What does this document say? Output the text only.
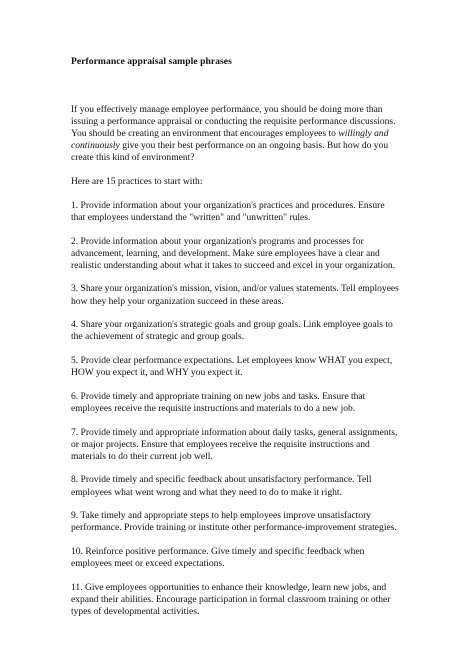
Performance appraisal sample phrases

If you effectively manage employee performance, you should be doing more than
issuing a performance appraisal or conducting the requisite performance discussions.
You should be creating an environment that encourages employees to willingly and
continuously give you their best performance on an ongoing basis. But how do you
create this kind of environment?

Here are 15 practices to start with:

1. Provide information about your organization's practices and procedures. Ensure
that employees understand the "written" and "unwritten" rules.

2. Provide information about your organization's programs and processes for
advancement, learning, and development. Make sure employees have a clear and
realistic understanding about what it takes to succeed and excel in your organization.

3. Share your organization's mission, vision, and/or values statements. Tell employees
how they help your organization succeed in these areas.

4. Share your organization's strategic goals and group goals. Link employee goals to
the achievement of strategic and group goals.

5. Provide clear performance expectations. Let employees know WHAT you expect,
HOW you expect it, and WHY you expect it.

6. Provide timely and appropriate training on new jobs and tasks. Ensure that
employees receive the requisite instructions and materials to do a new job.

7. Provide timely and appropriate information about daily tasks, general assignments,
or major projects. Ensure that employees receive the requisite instructions and
materials to do their current job well.

8. Provide timely and specific feedback about unsatisfactory performance. Tell
employees what went wrong and what they need to do to make it right.

9. Take timely and appropriate steps to help employees improve unsatisfactory
performance. Provide training or institute other performance-improvement strategies.

10. Reinforce positive performance. Give timely and specific feedback when
employees meet or exceed expectations.

11. Give employees opportunities to enhance their knowledge, learn new jobs, and
expand their abilities. Encourage participation in formal classroom training or other
types of developmental activities.
